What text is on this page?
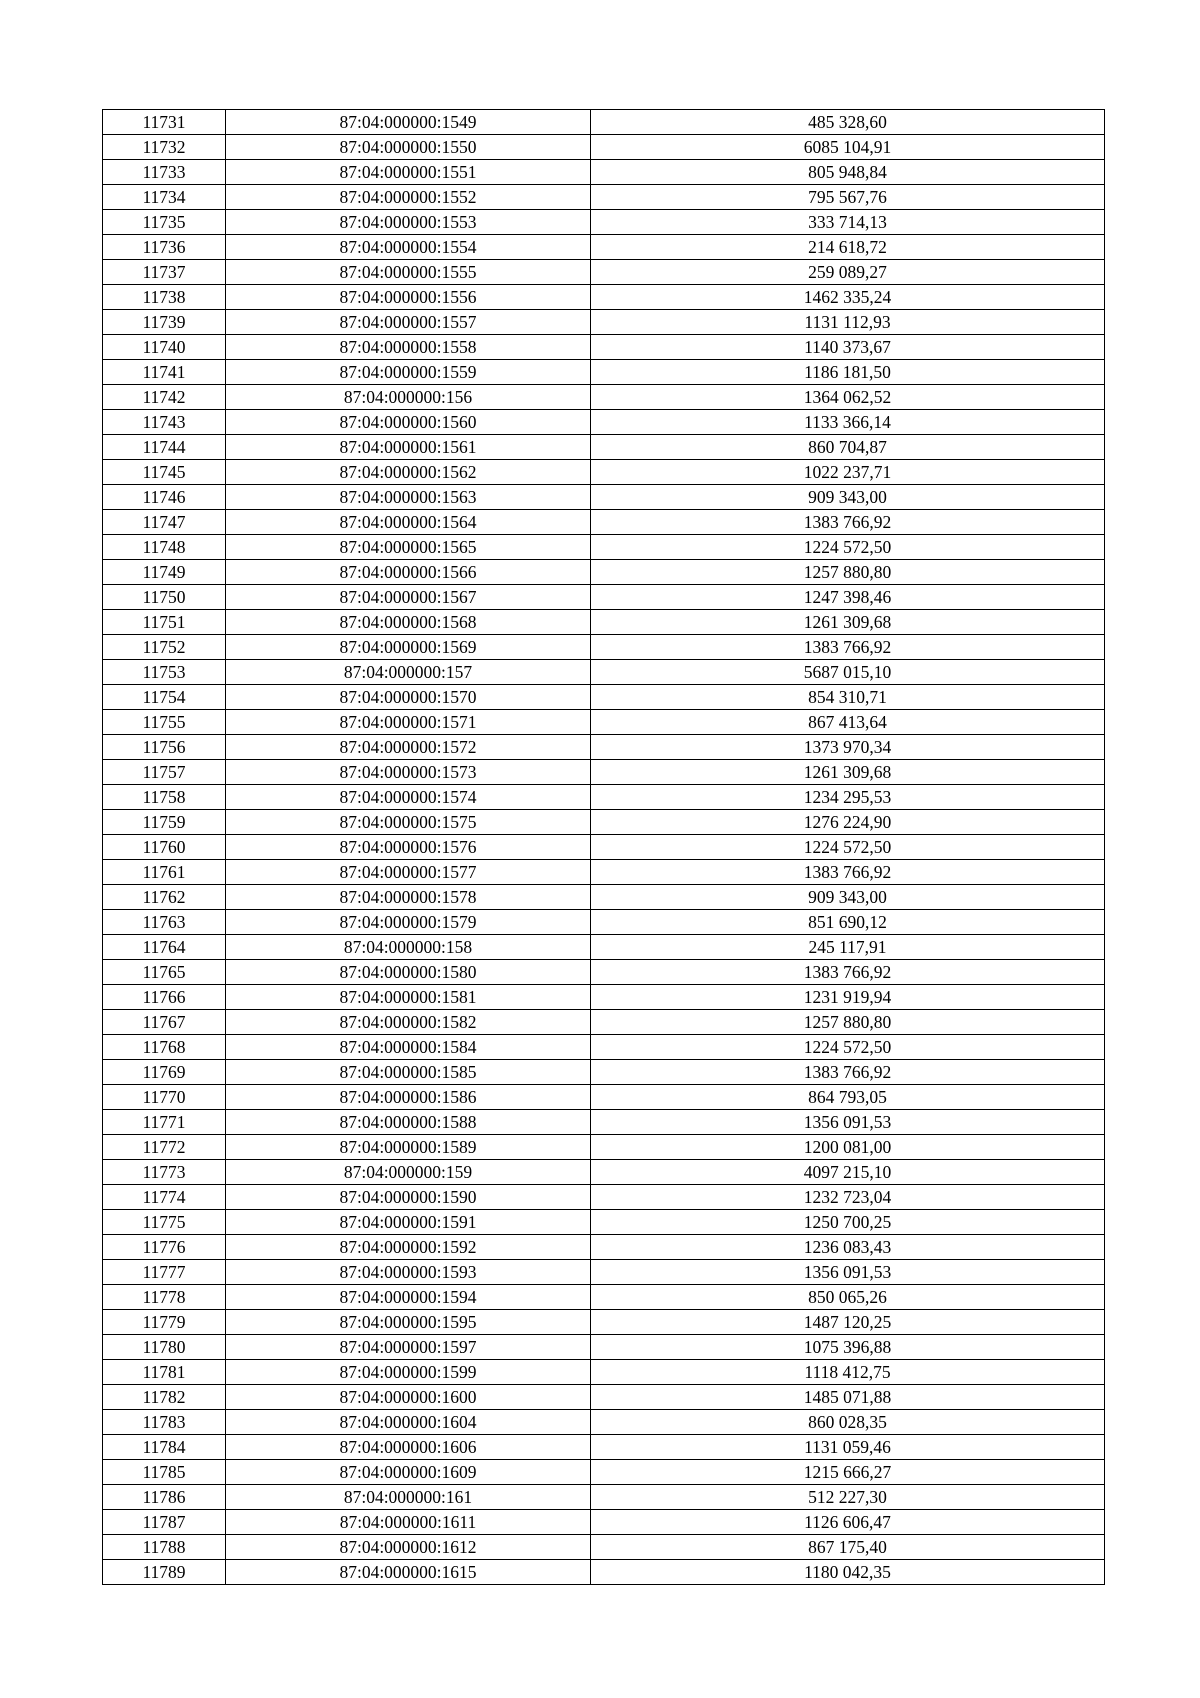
11731	87:04:000000:1549	485 328,60
11732	87:04:000000:1550	6085 104,91
11733	87:04:000000:1551	805 948,84
11734	87:04:000000:1552	795 567,76
11735	87:04:000000:1553	333 714,13
11736	87:04:000000:1554	214 618,72
11737	87:04:000000:1555	259 089,27
11738	87:04:000000:1556	1462 335,24
11739	87:04:000000:1557	1131 112,93
11740	87:04:000000:1558	1140 373,67
11741	87:04:000000:1559	1186 181,50
11742	87:04:000000:156	1364 062,52
11743	87:04:000000:1560	1133 366,14
11744	87:04:000000:1561	860 704,87
11745	87:04:000000:1562	1022 237,71
11746	87:04:000000:1563	909 343,00
11747	87:04:000000:1564	1383 766,92
11748	87:04:000000:1565	1224 572,50
11749	87:04:000000:1566	1257 880,80
11750	87:04:000000:1567	1247 398,46
11751	87:04:000000:1568	1261 309,68
11752	87:04:000000:1569	1383 766,92
11753	87:04:000000:157	5687 015,10
11754	87:04:000000:1570	854 310,71
11755	87:04:000000:1571	867 413,64
11756	87:04:000000:1572	1373 970,34
11757	87:04:000000:1573	1261 309,68
11758	87:04:000000:1574	1234 295,53
11759	87:04:000000:1575	1276 224,90
11760	87:04:000000:1576	1224 572,50
11761	87:04:000000:1577	1383 766,92
11762	87:04:000000:1578	909 343,00
11763	87:04:000000:1579	851 690,12
11764	87:04:000000:158	245 117,91
11765	87:04:000000:1580	1383 766,92
11766	87:04:000000:1581	1231 919,94
11767	87:04:000000:1582	1257 880,80
11768	87:04:000000:1584	1224 572,50
11769	87:04:000000:1585	1383 766,92
11770	87:04:000000:1586	864 793,05
11771	87:04:000000:1588	1356 091,53
11772	87:04:000000:1589	1200 081,00
11773	87:04:000000:159	4097 215,10
11774	87:04:000000:1590	1232 723,04
11775	87:04:000000:1591	1250 700,25
11776	87:04:000000:1592	1236 083,43
11777	87:04:000000:1593	1356 091,53
11778	87:04:000000:1594	850 065,26
11779	87:04:000000:1595	1487 120,25
11780	87:04:000000:1597	1075 396,88
11781	87:04:000000:1599	1118 412,75
11782	87:04:000000:1600	1485 071,88
11783	87:04:000000:1604	860 028,35
11784	87:04:000000:1606	1131 059,46
11785	87:04:000000:1609	1215 666,27
11786	87:04:000000:161	512 227,30
11787	87:04:000000:1611	1126 606,47
11788	87:04:000000:1612	867 175,40
11789	87:04:000000:1615	1180 042,35
